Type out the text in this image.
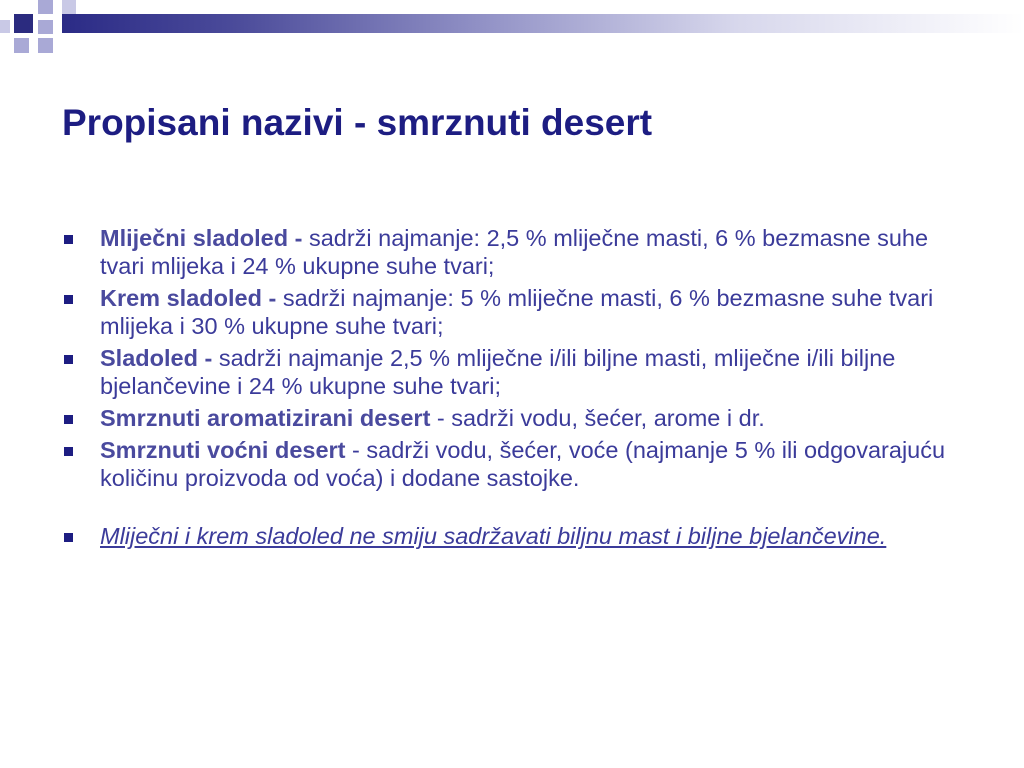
Propisani nazivi - smrznuti desert
Mliječni sladoled - sadrži najmanje: 2,5 % mliječne masti, 6 % bezmasne suhe tvari mlijeka i 24 % ukupne suhe tvari;
Krem sladoled - sadrži najmanje: 5 % mliječne masti, 6 % bezmasne suhe tvari mlijeka i 30 % ukupne suhe tvari;
Sladoled - sadrži najmanje 2,5 % mliječne i/ili biljne masti, mliječne i/ili biljne bjelančevine i 24 % ukupne suhe tvari;
Smrznuti aromatizirani desert - sadrži vodu, šećer, arome i dr.
Smrznuti voćni desert - sadrži vodu, šećer, voće (najmanje 5 % ili odgovarajuću količinu proizvoda od voća) i dodane sastojke.
Mliječni i krem sladoled ne smiju sadržavati biljnu mast i biljne bjelančevine.
